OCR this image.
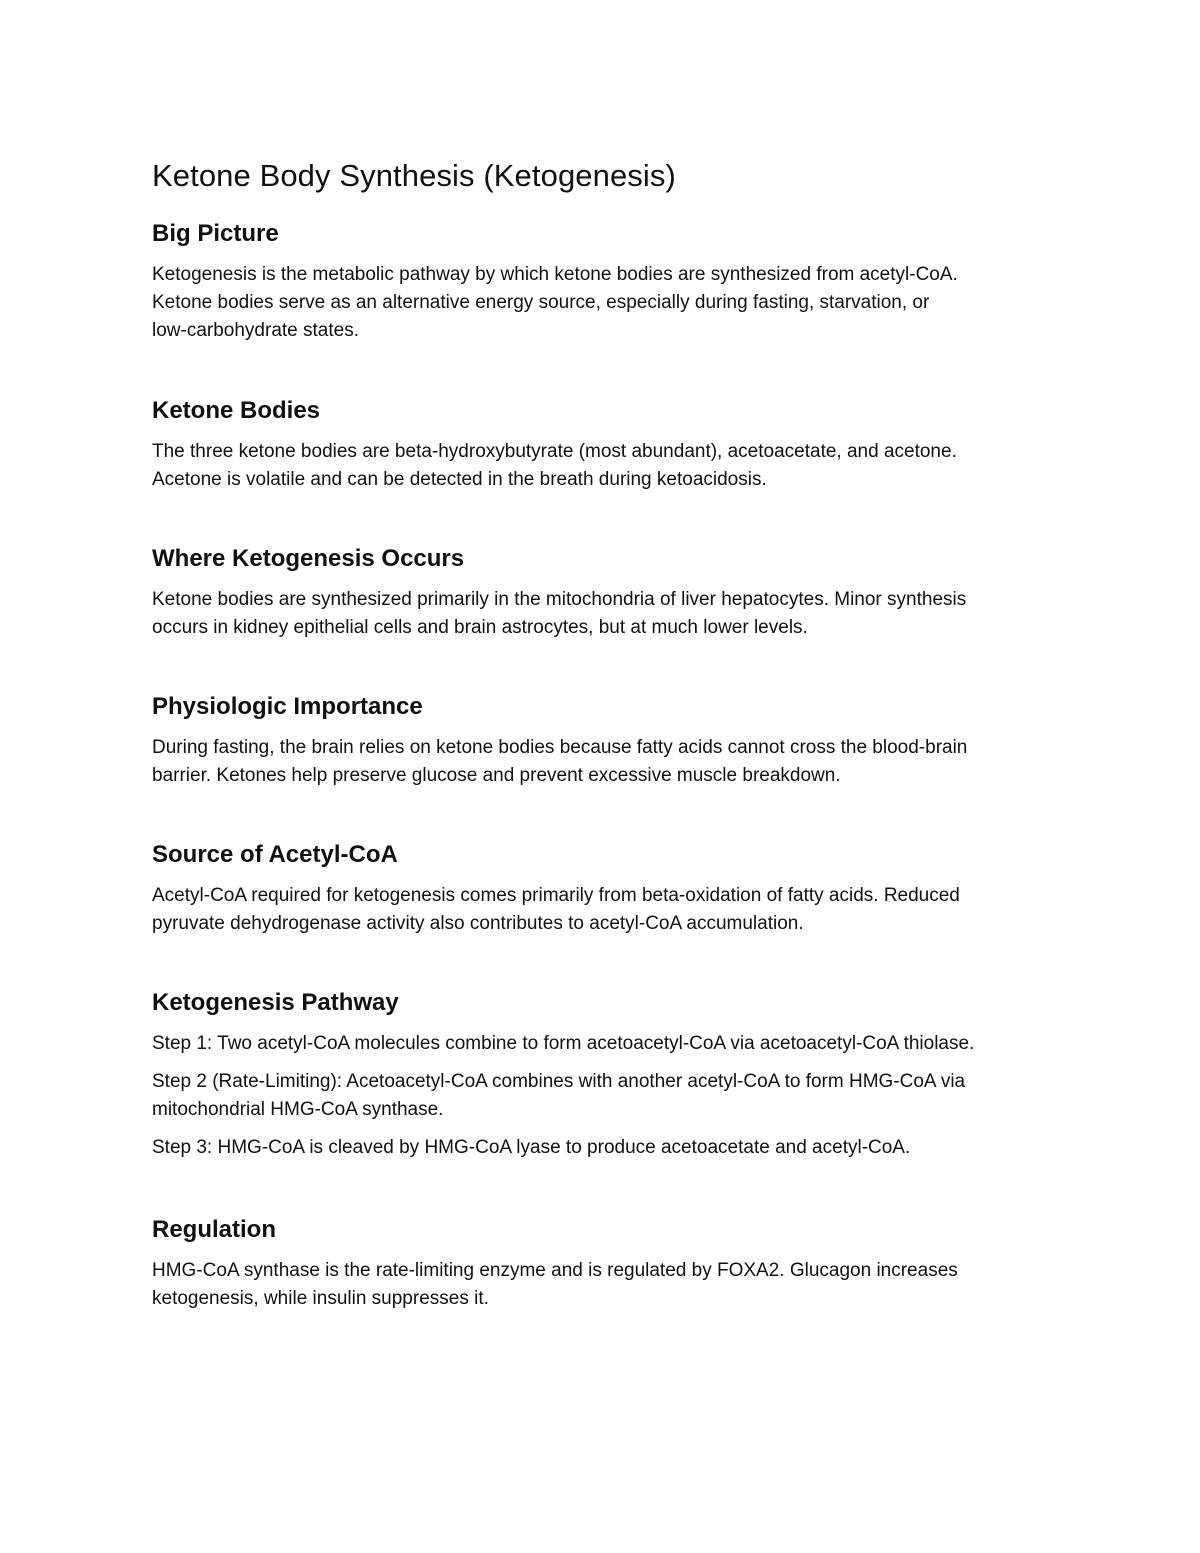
Ketone Body Synthesis (Ketogenesis)
Big Picture

Ketogenesis is the metabolic pathway by which ketone bodies are synthesized from acetyl-CoA.
Ketone bodies serve as an alternative energy source, especially during fasting, starvation, or
low-carbohydrate states.

Ketone Bodies

The three ketone bodies are beta-hydroxybutyrate (most abundant), acetoacetate, and acetone.
Acetone is volatile and can be detected in the breath during ketoacidosis.

Where Ketogenesis Occurs

Ketone bodies are synthesized primarily in the mitochondria of liver hepatocytes. Minor synthesis
occurs in kidney epithelial cells and brain astrocytes, but at much lower levels.

Physiologic Importance

During fasting, the brain relies on ketone bodies because fatty acids cannot cross the blood-brain
barrier. Ketones help preserve glucose and prevent excessive muscle breakdown.

Source of Acetyl-CoA

Acetyl-CoA required for ketogenesis comes primarily from beta-oxidation of fatty acids. Reduced
pyruvate dehydrogenase activity also contributes to acetyl-CoA accumulation.

Ketogenesis Pathway

Step 1: Two acetyl-CoA molecules combine to form acetoacetyl-CoA via acetoacetyl-CoA thiolase.

Step 2 (Rate-Limiting): Acetoacetyl-CoA combines with another acetyl-CoA to form HMG-CoA via
mitochondrial HMG-CoA synthase.

Step 3: HMG-CoA is cleaved by HMG-CoA lyase to produce acetoacetate and acetyl-CoA.

Regulation

HMG-CoA synthase is the rate-limiting enzyme and is regulated by FOXA2. Glucagon increases
ketogenesis, while insulin suppresses it.
